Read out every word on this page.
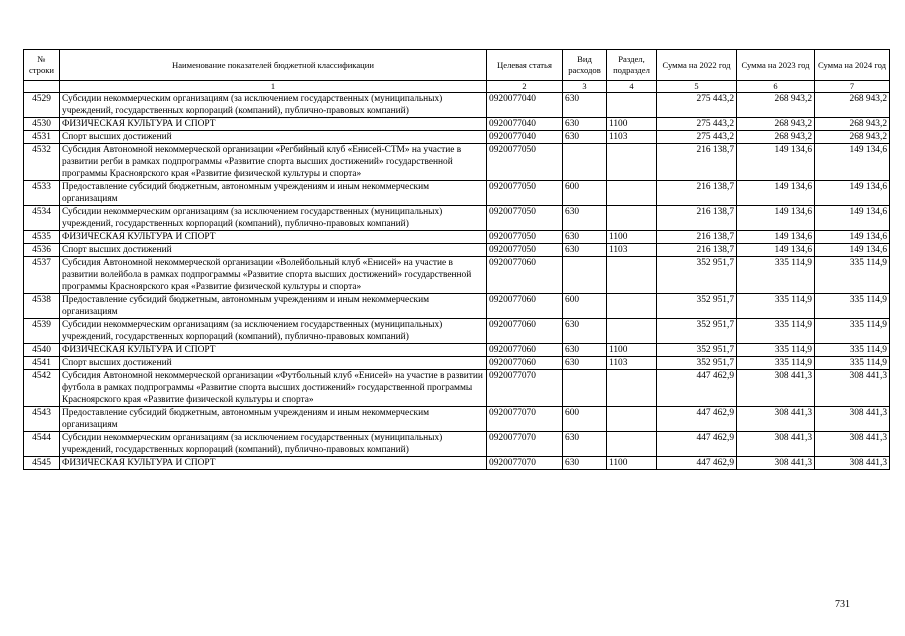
№ строки	Наименование показателей бюджетной классификации	Целевая статья	Вид расходов	Раздел, подраздел	Сумма на 2022 год	Сумма на 2023 год	Сумма на 2024 год
	1	2	3	4	5	6	7
4529	Субсидии некоммерческим организациям (за исключением государственных (муниципальных) учреждений, государственных корпораций (компаний), публично-правовых компаний)	0920077040	630		275 443,2	268 943,2	268 943,2
4530	ФИЗИЧЕСКАЯ КУЛЬТУРА И СПОРТ	0920077040	630	1100	275 443,2	268 943,2	268 943,2
4531	Спорт высших достижений	0920077040	630	1103	275 443,2	268 943,2	268 943,2
4532	Субсидия Автономной некоммерческой организации «Регбийный клуб «Енисей-СТМ» на участие в развитии регби в рамках подпрограммы «Развитие спорта высших достижений» государственной программы Красноярского края «Развитие физической культуры и спорта»	0920077050			216 138,7	149 134,6	149 134,6
4533	Предоставление субсидий бюджетным, автономным учреждениям и иным некоммерческим организациям	0920077050	600		216 138,7	149 134,6	149 134,6
4534	Субсидии некоммерческим организациям (за исключением государственных (муниципальных) учреждений, государственных корпораций (компаний), публично-правовых компаний)	0920077050	630		216 138,7	149 134,6	149 134,6
4535	ФИЗИЧЕСКАЯ КУЛЬТУРА И СПОРТ	0920077050	630	1100	216 138,7	149 134,6	149 134,6
4536	Спорт высших достижений	0920077050	630	1103	216 138,7	149 134,6	149 134,6
4537	Субсидия Автономной некоммерческой организации «Волейбольный клуб «Енисей» на участие в развитии волейбола в рамках подпрограммы «Развитие спорта высших достижений» государственной программы Красноярского края «Развитие физической культуры и спорта»	0920077060			352 951,7	335 114,9	335 114,9
4538	Предоставление субсидий бюджетным, автономным учреждениям и иным некоммерческим организациям	0920077060	600		352 951,7	335 114,9	335 114,9
4539	Субсидии некоммерческим организациям (за исключением государственных (муниципальных) учреждений, государственных корпораций (компаний), публично-правовых компаний)	0920077060	630		352 951,7	335 114,9	335 114,9
4540	ФИЗИЧЕСКАЯ КУЛЬТУРА И СПОРТ	0920077060	630	1100	352 951,7	335 114,9	335 114,9
4541	Спорт высших достижений	0920077060	630	1103	352 951,7	335 114,9	335 114,9
4542	Субсидия Автономной некоммерческой организации «Футбольный клуб «Енисей» на участие в развитии футбола в рамках подпрограммы «Развитие спорта высших достижений» государственной программы Красноярского края «Развитие физической культуры и спорта»	0920077070			447 462,9	308 441,3	308 441,3
4543	Предоставление субсидий бюджетным, автономным учреждениям и иным некоммерческим организациям	0920077070	600		447 462,9	308 441,3	308 441,3
4544	Субсидии некоммерческим организациям (за исключением государственных (муниципальных) учреждений, государственных корпораций (компаний), публично-правовых компаний)	0920077070	630		447 462,9	308 441,3	308 441,3
4545	ФИЗИЧЕСКАЯ КУЛЬТУРА И СПОРТ	0920077070	630	1100	447 462,9	308 441,3	308 441,3
731
